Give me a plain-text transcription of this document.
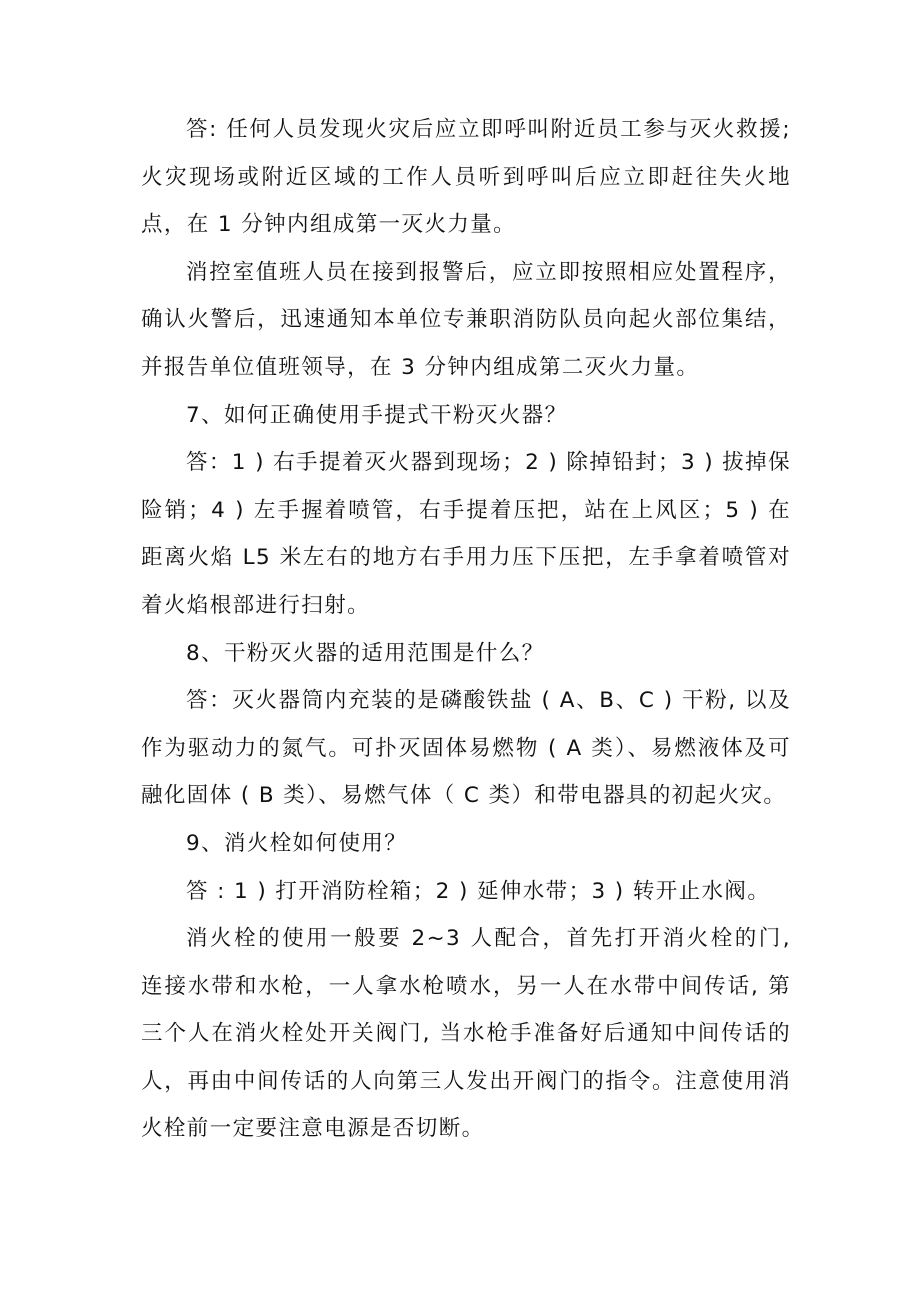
答: 任何人员发现火灾后应立即呼叫附近员工参与灭火救援; 火灾现场或附近区域的工作人员听到呼叫后应立即赶往失火地点，在 1 分钟内组成第一灭火力量。

消控室值班人员在接到报警后，应立即按照相应处置程序，确认火警后，迅速通知本单位专兼职消防队员向起火部位集结，并报告单位值班领导，在 3 分钟内组成第二灭火力量。

7、如何正确使用手提式干粉灭火器？

答：1 ) 右手提着灭火器到现场；2 ) 除掉铅封；3 ) 拔掉保险销；4 ) 左手握着喷管，右手提着压把，站在上风区；5 ) 在距离火焰 L5 米左右的地方右手用力压下压把，左手拿着喷管对着火焰根部进行扫射。

8、干粉灭火器的适用范围是什么？

答：灭火器筒内充装的是磷酸铁盐 ( A、B、C ) 干粉, 以及作为驱动力的氮气。可扑灭固体易燃物 ( A 类）、易燃液体及可融化固体 ( B 类）、易燃气体（ C 类）和带电器具的初起火灾。

9、消火栓如何使用？

答 : 1 ) 打开消防栓箱；2 ) 延伸水带；3 ) 转开止水阀。

消火栓的使用一般要 2~3 人配合，首先打开消火栓的门, 连接水带和水枪，一人拿水枪喷水，另一人在水带中间传话, 第三个人在消火栓处开关阀门, 当水枪手准备好后通知中间传话的人，再由中间传话的人向第三人发出开阀门的指令。注意使用消火栓前一定要注意电源是否切断。
